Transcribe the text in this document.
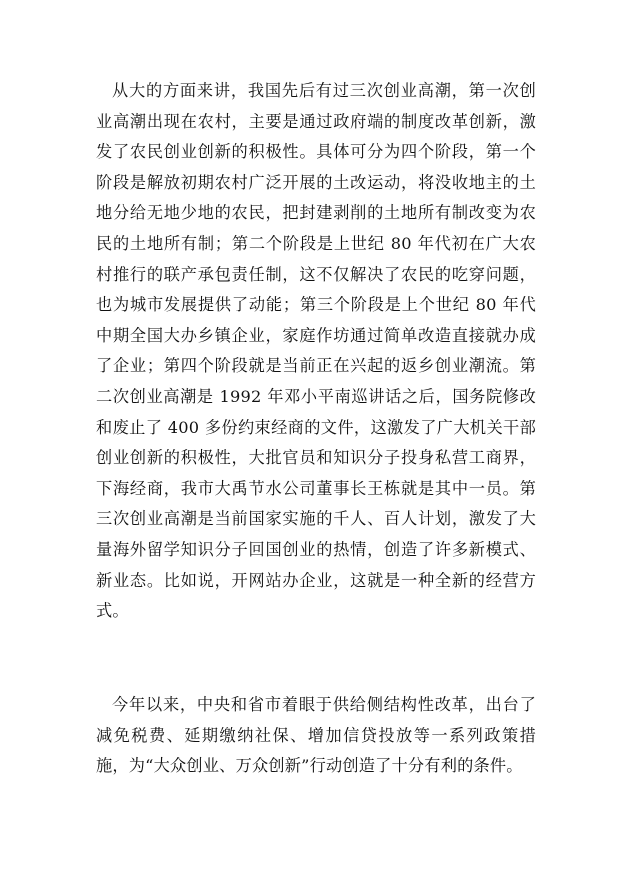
从大的方面来讲，我国先后有过三次创业高潮，第一次创业高潮出现在农村，主要是通过政府端的制度改革创新，激发了农民创业创新的积极性。具体可分为四个阶段，第一个阶段是解放初期农村广泛开展的土改运动，将没收地主的土地分给无地少地的农民，把封建剥削的土地所有制改变为农民的土地所有制；第二个阶段是上世纪 80 年代初在广大农村推行的联产承包责任制，这不仅解决了农民的吃穿问题，也为城市发展提供了动能；第三个阶段是上个世纪 80 年代中期全国大办乡镇企业，家庭作坊通过简单改造直接就办成了企业；第四个阶段就是当前正在兴起的返乡创业潮流。第二次创业高潮是 1992 年邓小平南巡讲话之后，国务院修改和废止了 400 多份约束经商的文件，这激发了广大机关干部创业创新的积极性，大批官员和知识分子投身私营工商界，下海经商，我市大禹节水公司董事长王栋就是其中一员。第三次创业高潮是当前国家实施的千人、百人计划，激发了大量海外留学知识分子回国创业的热情，创造了许多新模式、新业态。比如说，开网站办企业，这就是一种全新的经营方式。

今年以来，中央和省市着眼于供给侧结构性改革，出台了减免税费、延期缴纳社保、增加信贷投放等一系列政策措施，为“大众创业、万众创新”行动创造了十分有利的条件。
